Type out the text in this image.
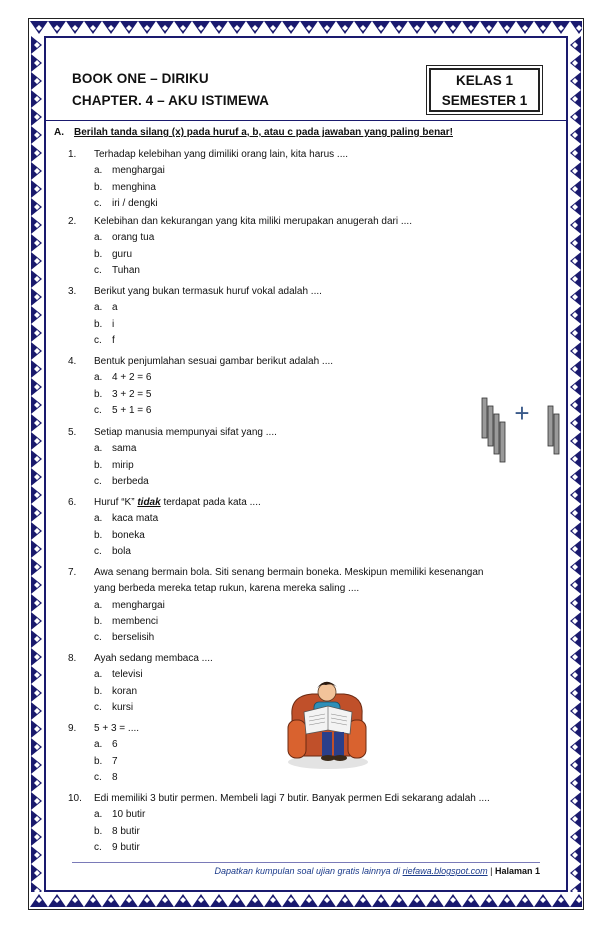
BOOK ONE – DIRIKU
CHAPTER. 4 – AKU ISTIMEWA
KELAS 1
SEMESTER 1
A. Berilah tanda silang (x) pada huruf a, b, atau c pada jawaban yang paling benar!
1. Terhadap kelebihan yang dimiliki orang lain, kita harus ....
a. menghargai
b. menghina
c. iri / dengki
2. Kelebihan dan kekurangan yang kita miliki merupakan anugerah dari ....
a. orang tua
b. guru
c. Tuhan
3. Berikut yang bukan termasuk huruf vokal adalah ....
a. a
b. i
c. f
4. Bentuk penjumlahan sesuai gambar berikut adalah ....
a. 4 + 2 = 6
b. 3 + 2 = 5
c. 5 + 1 = 6
5. Setiap manusia mempunyai sifat yang ....
a. sama
b. mirip
c. berbeda
6. Huruf “K” tidak terdapat pada kata ....
a. kaca mata
b. boneka
c. bola
7. Awa senang bermain bola. Siti senang bermain boneka. Meskipun memiliki kesenangan
yang berbeda mereka tetap rukun, karena mereka saling ....
a. menghargai
b. membenci
c. berselisih
8. Ayah sedang membaca ....
a. televisi
b. koran
c. kursi
9. 5 + 3 = ....
a. 6
b. 7
c. 8
10. Edi memiliki 3 butir permen. Membeli lagi 7 butir. Banyak permen Edi sekarang adalah ....
a. 10 butir
b. 8 butir
c. 9 butir
+
Dapatkan kumpulan soal ujian gratis lainnya di riefawa.blogspot.com | Halaman 1
